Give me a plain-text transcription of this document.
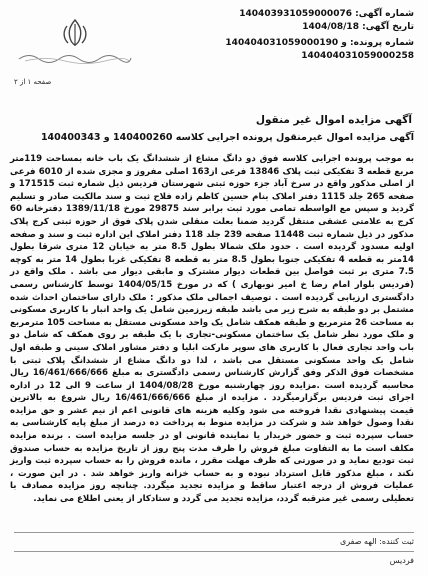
شماره آگهی: 140403931059000076
تاریخ آگهی: 1404/08/18
شماره پرونده: 140404031059000190 و
140404031059000258
صفحه ۱ از ۲
آگهی مزایده اموال غیر منقول
آگهی مزایده اموال غیرمنقول پرونده اجرایی کلاسه 140400260 و 140400343
به موجب پرونده اجرایی کلاسه فوق دو دانگ مشاع از ششدانگ یک باب خانه بمساحت 119متر مربع قطعه 3 تفکیکی ثبت پلاک 13846 فرعی از163 اصلی مفروز و مجزی شده از 6010 فرعی از اصلی مذکور واقع در سرخ آباد جزء حوزه ثبتی شهرستان فردیس ذیل شماره ثبت 171515 و صفحه 265 جلد 1115 دفتر املاک بنام حسین کاظم زاده فلاح ثبت و سند مالکیت صادر و تسلیم گردید و سپس مع الواسطه تمامی مورد ثبت برابر سند 29875 مورخ 1389/11/18 دفترخانه 60 کرج به علامتی عشقی منتقل گردید ضمنا بعلت منقلی شدن پلاک فوق از حوزه ثبتی کرج پلاک مذکور در ذیل شماره ثبت 11448 صفحه 239 جلد 118 دفتر املاک این اداره ثبت و سند و صفحه اولیه مسدود گردیده است . حدود ملک شمالا بطول 8.5 متر به خیابان 12 متری شرقا بطول 14متر به قطعه 4 تفکیکی جنوبا بطول 8.5 متر به قطعه 8 تفکیکی غربا بطول 14 متر به کوچه 7.5 متری بر ثبت فواصل بین قطعات دیوار مشترک و مابقی دیوار می باشد . ملک واقع در (فردیس بلوار امام رضا خ امیر نوبهاری ) که در مورخ 1404/05/15 توسط کارشناس رسمی دادگستری ارزیابی گردیده است . توصیف اجمالی ملک مذکور : ملک دارای ساختمان احداث شده مشتمل بر دو طبقه به شرح زیر می باشد طبقه زیرزمین شامل یک واحد انبار با کاربری مسکونی به مساحت 26 مترمربع و طبقه همکف شامل یک واحد مسکونی مستقل به مساحت 105 مترمربع و ملک مورد نظر شامل یک ساختمان مسکونی-تجاری با یک طبقه بر روی همکف که شامل دو باب واحد تجاری فعال با کاربری های سوپر مارکت ابلیا و دفتر مشاور املاک سینی و طبقه اول شامل یک واحد مسکونی مستقل می باشد ، لذا دو دانگ مشاع از ششدانگ پلاک ثبتی با مشخصات فوق الذکر وفق گزارش کارشناس رسمی دادگستری به مبلغ 16/461/666/666 ریال محاسبه گردیده است .مزایده روز چهارشنبه مورخ 1404/08/28 از ساعت 9 الی 12 در اداره اجرای ثبت فردیس برگزارمیگردد . مزایده از مبلغ 16/461/666/666 ریال شروع به بالاترین قیمت پیشنهادی نقدا فروخته می شود وکلیه هزینه های قانونی اعم از نیم عشر و حق مزایده نقدا وصول خواهد شد و شرکت در مزایده منوط به پرداخت ده درصد از مبلغ پایه کارشناسی به حساب سپرده ثبت و حضور خریدار یا نماینده قانونی او در جلسه مزایده است . برنده مزایده مکلف است ما به التفاوت مبلغ فروش را ظرف مدت پنج روز از تاریخ مزایده به حساب صندوق ثبت تودیع نماید و در صورتی که ظرف مهلت مقرر ، مانده فروش را به حساب سپرده ثبت واریز نکند ، مبلغ مذکور قابل استرداد نبوده و به حساب خزانه واریز خواهد شد . در این صورت ، عملیات فروش از درجه اعتبار ساقط و مزایده تجدید میگردد. چنانچه روز مزایده مصادف با تعطیلی رسمی غیر مترقبه گردد، مزایده تجدید می گردد و ستادکار از یعنی اطلاع می نماید.
ثبت کننده: الهه صفری
فردیس
